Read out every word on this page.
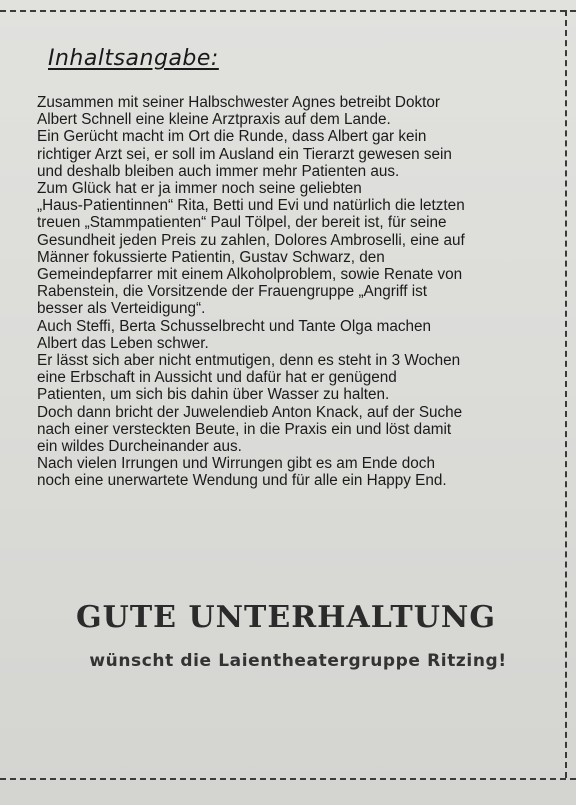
Inhaltsangabe:
Zusammen mit seiner Halbschwester Agnes betreibt Doktor
Albert Schnell eine kleine Arztpraxis auf dem Lande.
Ein Gerücht macht im Ort die Runde, dass Albert gar kein
richtiger Arzt sei, er soll im Ausland ein Tierarzt gewesen sein
und deshalb bleiben auch immer mehr Patienten aus.
Zum Glück hat er ja immer noch seine geliebten
„Haus-Patientinnen“ Rita, Betti und Evi und natürlich die letzten
treuen „Stammpatienten“ Paul Tölpel, der bereit ist, für seine
Gesundheit jeden Preis zu zahlen, Dolores Ambroselli, eine auf
Männer fokussierte Patientin, Gustav Schwarz, den
Gemeindepfarrer mit einem Alkoholproblem, sowie Renate von
Rabenstein, die Vorsitzende der Frauengruppe „Angriff ist
besser als Verteidigung“.
Auch Steffi, Berta Schusselbrecht und Tante Olga machen
Albert das Leben schwer.
Er lässt sich aber nicht entmutigen, denn es steht in 3 Wochen
eine Erbschaft in Aussicht und dafür hat er genügend
Patienten, um sich bis dahin über Wasser zu halten.
Doch dann bricht der Juwelendieb Anton Knack, auf der Suche
nach einer versteckten Beute, in die Praxis ein und löst damit
ein wildes Durcheinander aus.
Nach vielen Irrungen und Wirrungen gibt es am Ende doch
noch eine unerwartete Wendung und für alle ein Happy End.
GUTE UNTERHALTUNG
wünscht die Laientheatergruppe Ritzing!
